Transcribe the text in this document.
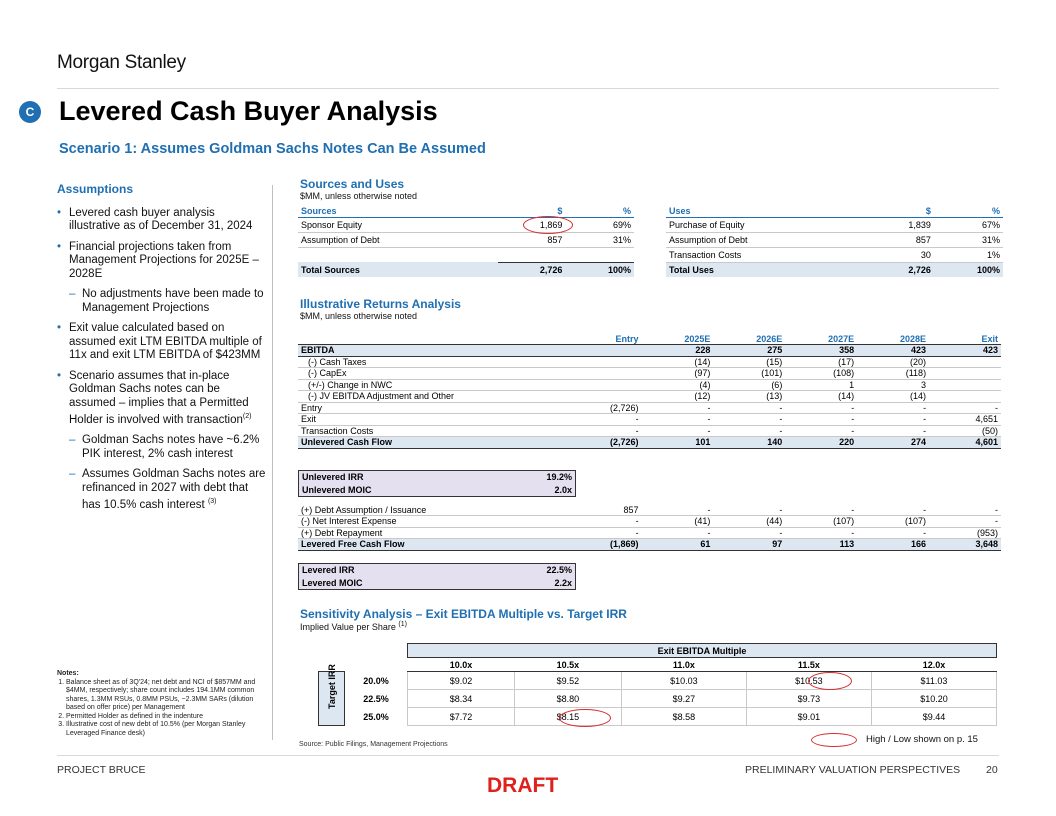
Morgan Stanley
C Levered Cash Buyer Analysis
Scenario 1: Assumes Goldman Sachs Notes Can Be Assumed
Assumptions
• Levered cash buyer analysis illustrative as of December 31, 2024
• Financial projections taken from Management Projections for 2025E – 2028E
– No adjustments have been made to Management Projections
• Exit value calculated based on assumed exit LTM EBITDA multiple of 11x and exit LTM EBITDA of $423MM
• Scenario assumes that in-place Goldman Sachs notes can be assumed – implies that a Permitted Holder is involved with transaction$^{(2)}$
– Goldman Sachs notes have ~6.2% PIK interest, 2% cash interest
– Assumes Goldman Sachs notes are refinanced in 2027 with debt that has 10.5% cash interest $^{(3)}$
Notes:
1. Balance sheet as of 3Q'24; net debt and NCI of $857MM and $4MM, respectively; share count includes 194.1MM common shares, 1.3MM RSUs, 0.8MM PSUs, ~2.3MM SARs (dilution based on offer price) per Management
2. Permitted Holder as defined in the indenture
3. Illustrative cost of new debt of 10.5% (per Morgan Stanley Leveraged Finance desk)
Sources and Uses
$MM, unless otherwise noted
Sources	$	%
Sponsor Equity	1,869	69%
Assumption of Debt	857	31%

Total Sources	2,726	100%
Uses	$	%
Purchase of Equity	1,839	67%
Assumption of Debt	857	31%
Transaction Costs	30	1%
Total Uses	2,726	100%
Illustrative Returns Analysis
$MM, unless otherwise noted
	Entry	2025E	2026E	2027E	2028E	Exit
EBITDA		228	275	358	423	423
(-) Cash Taxes		(14)	(15)	(17)	(20)	
(-) CapEx		(97)	(101)	(108)	(118)	
(+/-) Change in NWC		(4)	(6)	1	3	
(-) JV EBITDA Adjustment and Other		(12)	(13)	(14)	(14)	
Entry	(2,726)	-	-	-	-	-
Exit	-	-	-	-	-	4,651
Transaction Costs	-	-	-	-	-	(50)
Unlevered Cash Flow	(2,726)	101	140	220	274	4,601
Unlevered IRR	19.2%
Unlevered MOIC	2.0x
(+) Debt Assumption / Issuance	857	-	-	-	-	-
(-) Net Interest Expense	-	(41)	(44)	(107)	(107)	-
(+) Debt Repayment	-	-	-	-	-	(953)
Levered Free Cash Flow	(1,869)	61	97	113	166	3,648
Levered IRR	22.5%
Levered MOIC	2.2x
Sensitivity Analysis – Exit EBITDA Multiple vs. Target IRR
Implied Value per Share $^{(1)}$
		Exit EBITDA Multiple				
		10.0x	10.5x	11.0x	11.5x	12.0x

Target IRR	20.0%	$9.02	$9.52	$10.03	$10.53	$11.03
	22.5%	$8.34	$8.80	$9.27	$9.73	$10.20
	25.0%	$7.72	$8.15	$8.58	$9.01	$9.44
Source: Public Filings, Management Projections	High / Low shown on p. 15
PROJECT BRUCE	PRELIMINARY VALUATION PERSPECTIVES 20
DRAFT
